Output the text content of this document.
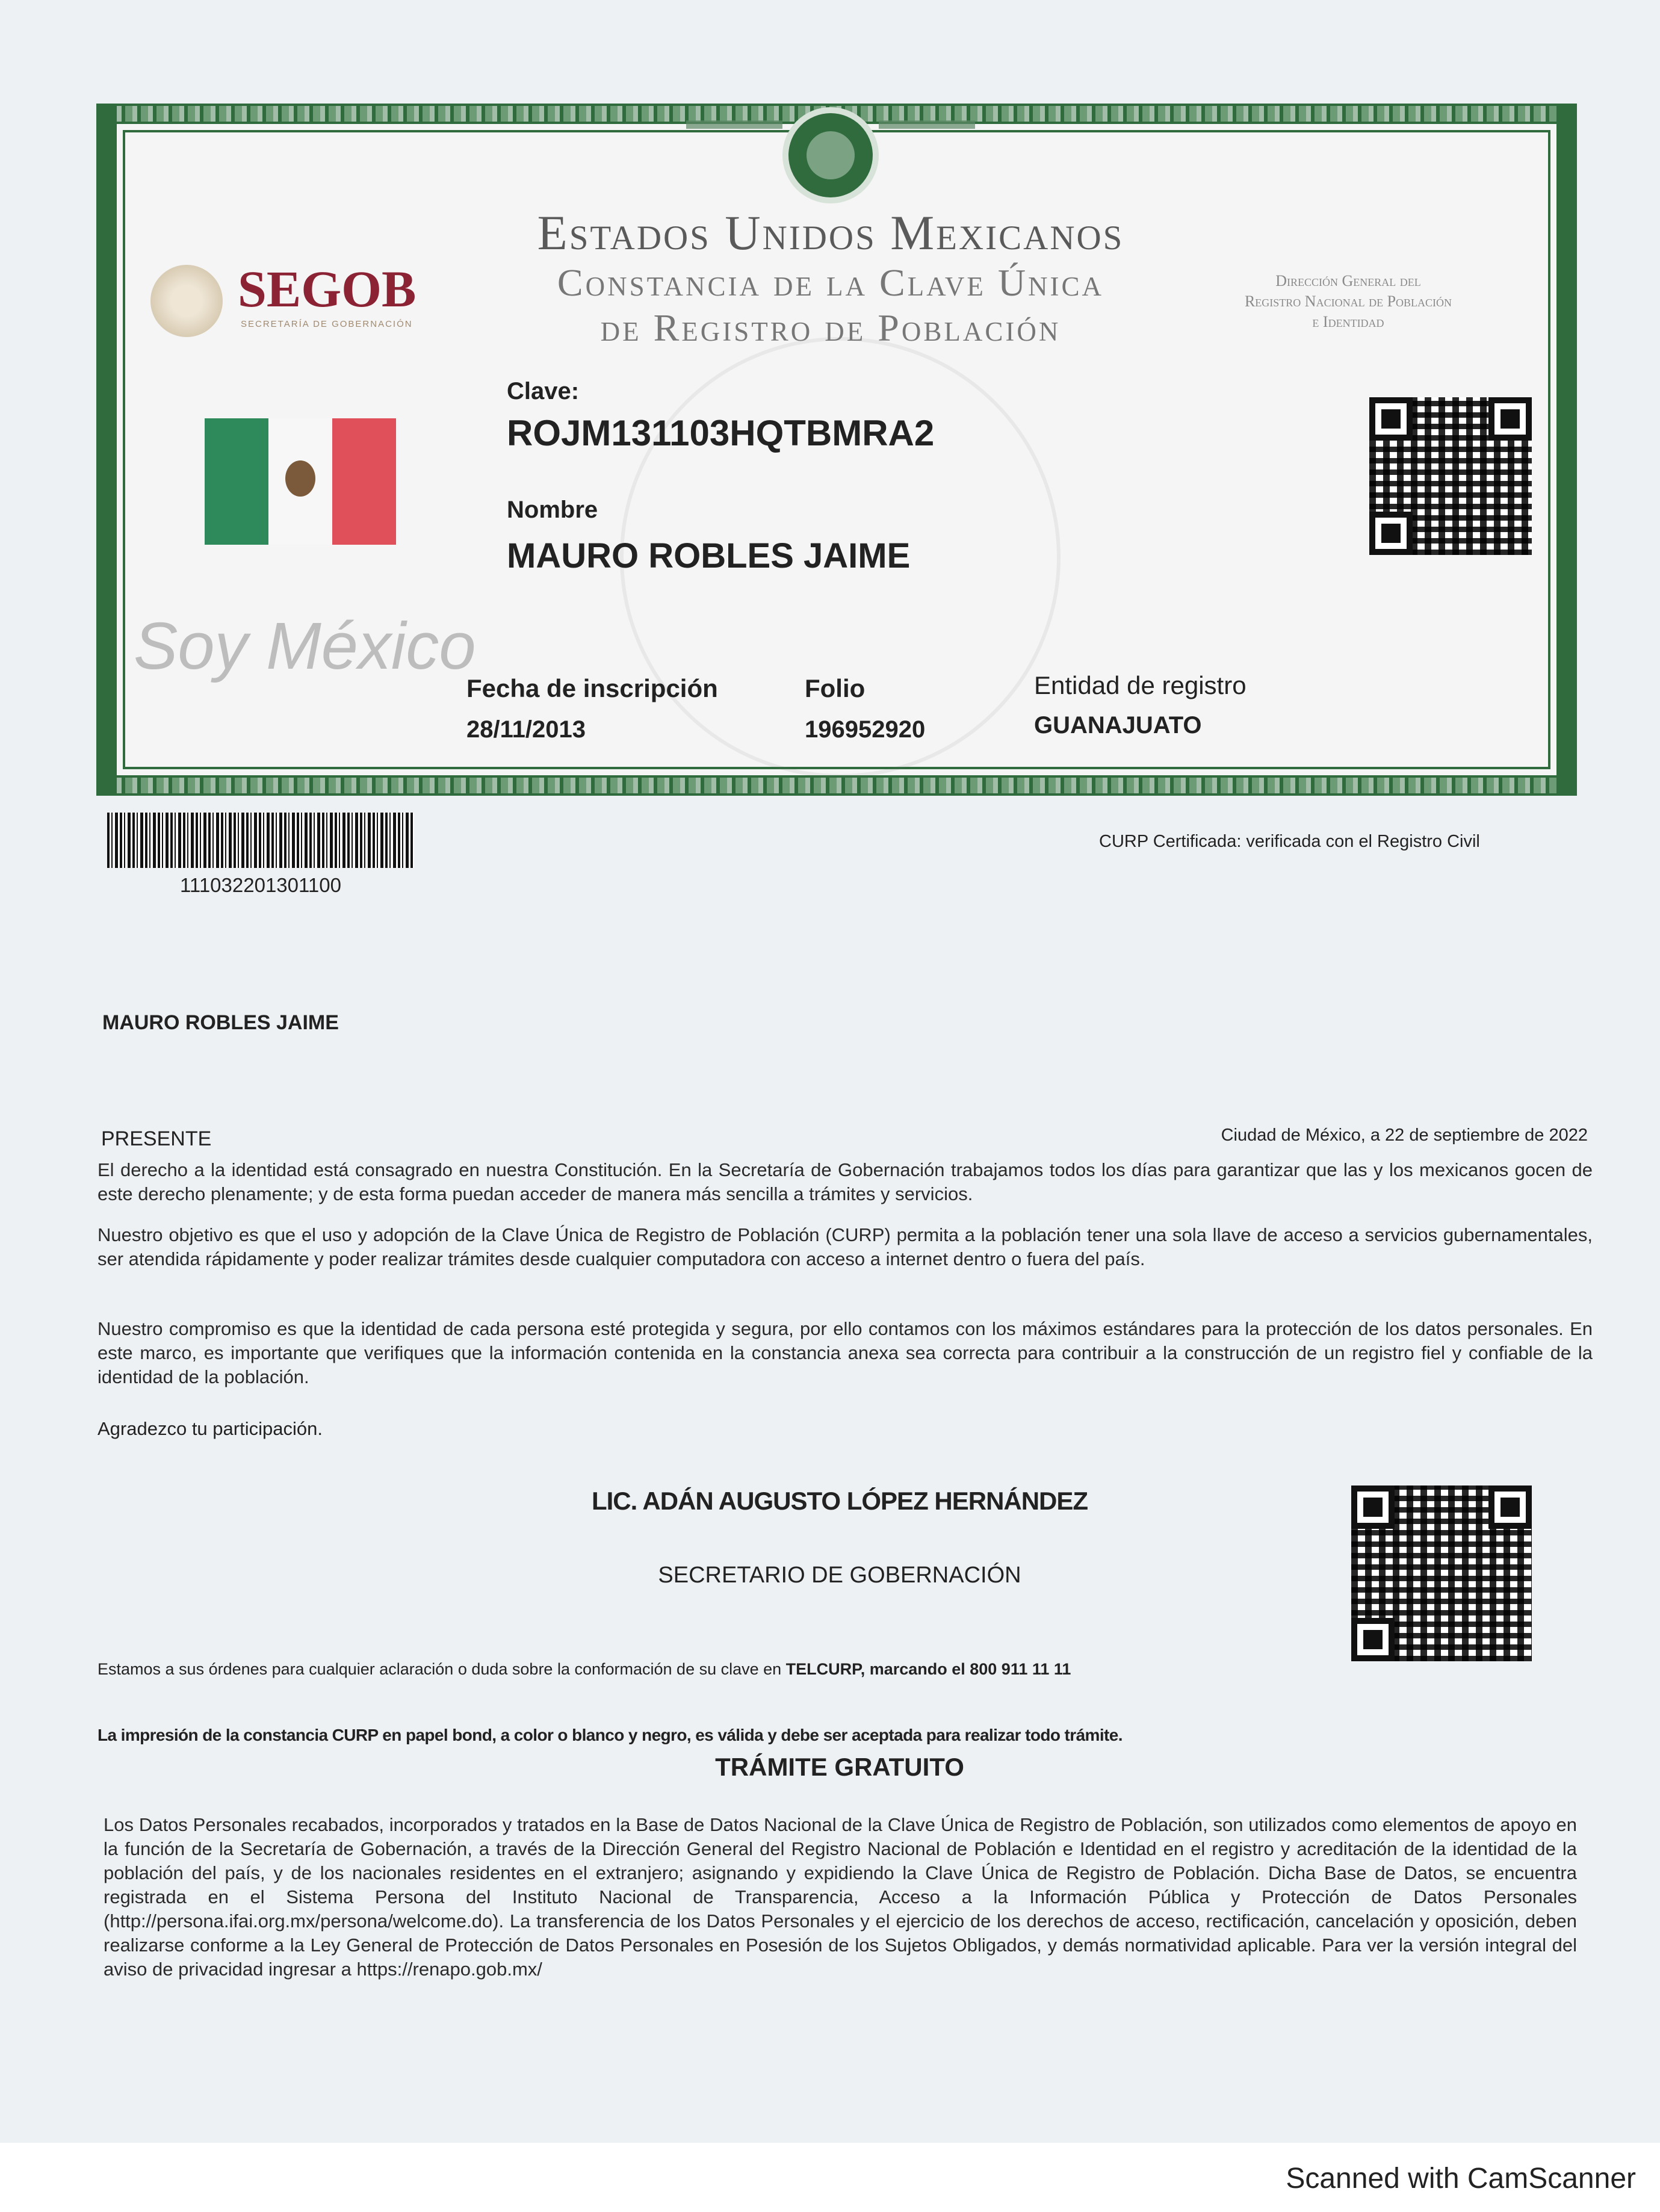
Estados Unidos Mexicanos
Constancia de la Clave Única
de Registro de Población
SEGOB
SECRETARÍA DE GOBERNACIÓN
Dirección General del
Registro Nacional de Población
e Identidad
Soy México
Clave:
ROJM131103HQTBMRA2
Nombre
MAURO ROBLES JAIME
Fecha de inscripción
28/11/2013
Folio
196952920
Entidad de registro
GUANAJUATO
111032201301100
CURP Certificada: verificada con el Registro Civil
MAURO ROBLES JAIME
PRESENTE	Ciudad de México, a 22 de septiembre de 2022
El derecho a la identidad está consagrado en nuestra Constitución. En la Secretaría de Gobernación trabajamos todos los días para garantizar que las y los mexicanos gocen de este derecho plenamente; y de esta forma puedan acceder de manera más sencilla a trámites y servicios.
Nuestro objetivo es que el uso y adopción de la Clave Única de Registro de Población (CURP) permita a la población tener una sola llave de acceso a servicios gubernamentales, ser atendida rápidamente y poder realizar trámites desde cualquier computadora con acceso a internet dentro o fuera del país.
Nuestro compromiso es que la identidad de cada persona esté protegida y segura, por ello contamos con los máximos estándares para la protección de los datos personales. En este marco, es importante que verifiques que la información contenida en la constancia anexa sea correcta para contribuir a la construcción de un registro fiel y confiable de la identidad de la población.
Agradezco tu participación.
LIC. ADÁN AUGUSTO LÓPEZ HERNÁNDEZ
SECRETARIO DE GOBERNACIÓN
Estamos a sus órdenes para cualquier aclaración o duda sobre la conformación de su clave en TELCURP, marcando el 800 911 11 11
La impresión de la constancia CURP en papel bond, a color o blanco y negro, es válida y debe ser aceptada para realizar todo trámite.
TRÁMITE GRATUITO
Los Datos Personales recabados, incorporados y tratados en la Base de Datos Nacional de la Clave Única de Registro de Población, son utilizados como elementos de apoyo en la función de la Secretaría de Gobernación, a través de la Dirección General del Registro Nacional de Población e Identidad en el registro y acreditación de la identidad de la población del país, y de los nacionales residentes en el extranjero; asignando y expidiendo la Clave Única de Registro de Población. Dicha Base de Datos, se encuentra registrada en el Sistema Persona del Instituto Nacional de Transparencia, Acceso a la Información Pública y Protección de Datos Personales (http://persona.ifai.org.mx/persona/welcome.do). La transferencia de los Datos Personales y el ejercicio de los derechos de acceso, rectificación, cancelación y oposición, deben realizarse conforme a la Ley General de Protección de Datos Personales en Posesión de los Sujetos Obligados, y demás normatividad aplicable. Para ver la versión integral del aviso de privacidad ingresar a https://renapo.gob.mx/
Scanned with CamScanner
